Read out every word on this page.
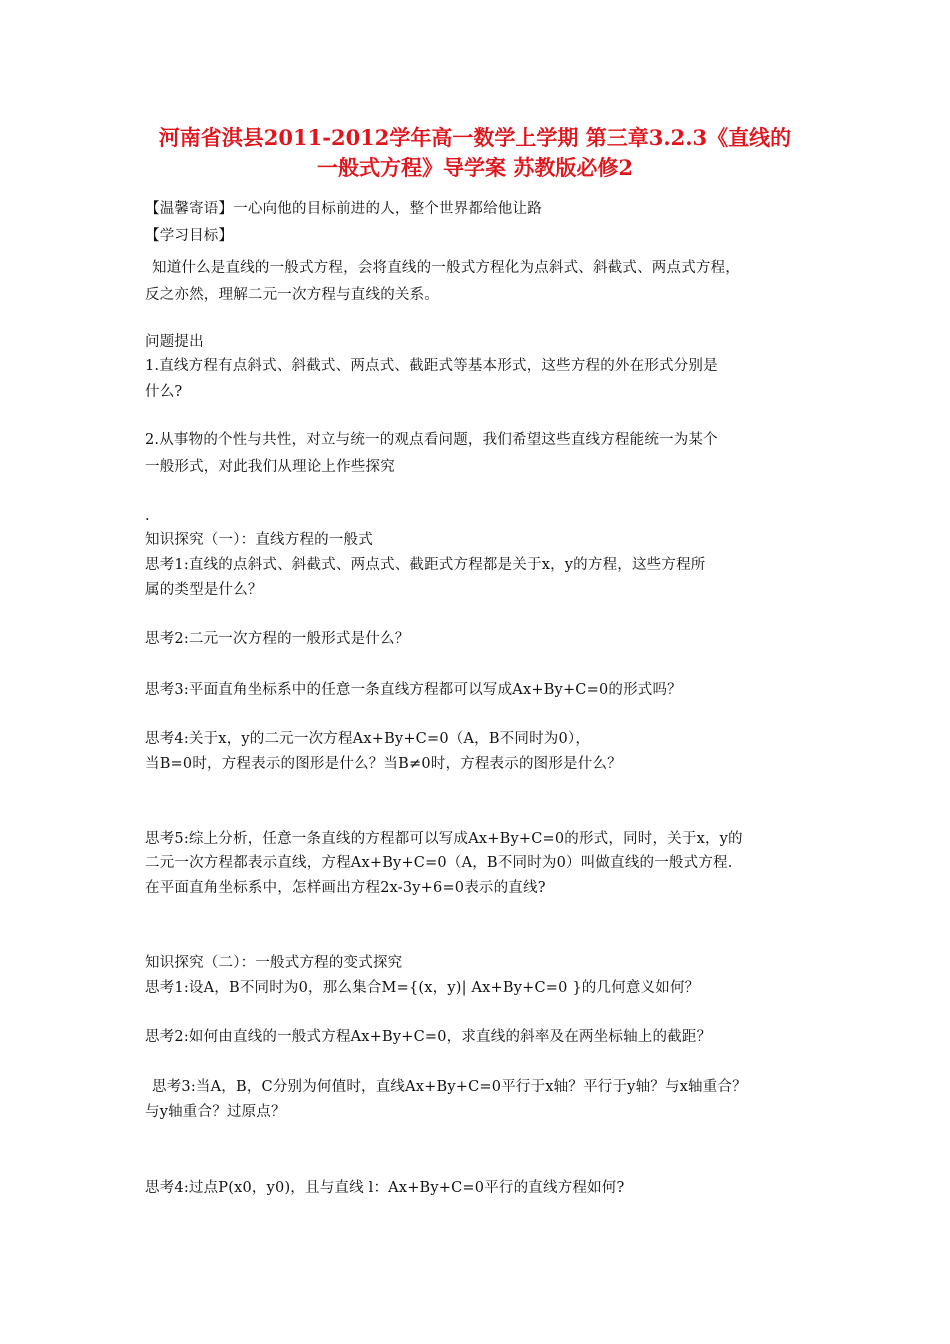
河南省淇县2011-2012学年高一数学上学期 第三章3.2.3《直线的
一般式方程》导学案 苏教版必修2
【温馨寄语】一心向他的目标前进的人，整个世界都给他让路
【学习目标】
知道什么是直线的一般式方程，会将直线的一般式方程化为点斜式、斜截式、两点式方程，
反之亦然，理解二元一次方程与直线的关系。
问题提出
1.直线方程有点斜式、斜截式、两点式、截距式等基本形式，这些方程的外在形式分别是
什么?
2.从事物的个性与共性，对立与统一的观点看问题，我们希望这些直线方程能统一为某个
一般形式，对此我们从理论上作些探究
.
知识探究（一）：直线方程的一般式
思考1:直线的点斜式、斜截式、两点式、截距式方程都是关于x，y的方程，这些方程所
属的类型是什么？
思考2:二元一次方程的一般形式是什么？
思考3:平面直角坐标系中的任意一条直线方程都可以写成Ax+By+C=0的形式吗？
思考4:关于x，y的二元一次方程Ax+By+C=0（A，B不同时为0），
当B=0时，方程表示的图形是什么？当B≠0时，方程表示的图形是什么？
思考5:综上分析，任意一条直线的方程都可以写成Ax+By+C=0的形式，同时，关于x，y的
二元一次方程都表示直线，方程Ax+By+C=0（A，B不同时为0）叫做直线的一般式方程.
在平面直角坐标系中，怎样画出方程2x-3y+6=0表示的直线?
知识探究（二）：一般式方程的变式探究
思考1:设A，B不同时为0，那么集合M={(x，y)| Ax+By+C=0 }的几何意义如何？
思考2:如何由直线的一般式方程Ax+By+C=0，求直线的斜率及在两坐标轴上的截距？
思考3:当A，B，C分别为何值时，直线Ax+By+C=0平行于x轴？平行于y轴？与x轴重合？
与y轴重合？过原点？
思考4:过点P(x0，y0)，且与直线 l：Ax+By+C=0平行的直线方程如何?
